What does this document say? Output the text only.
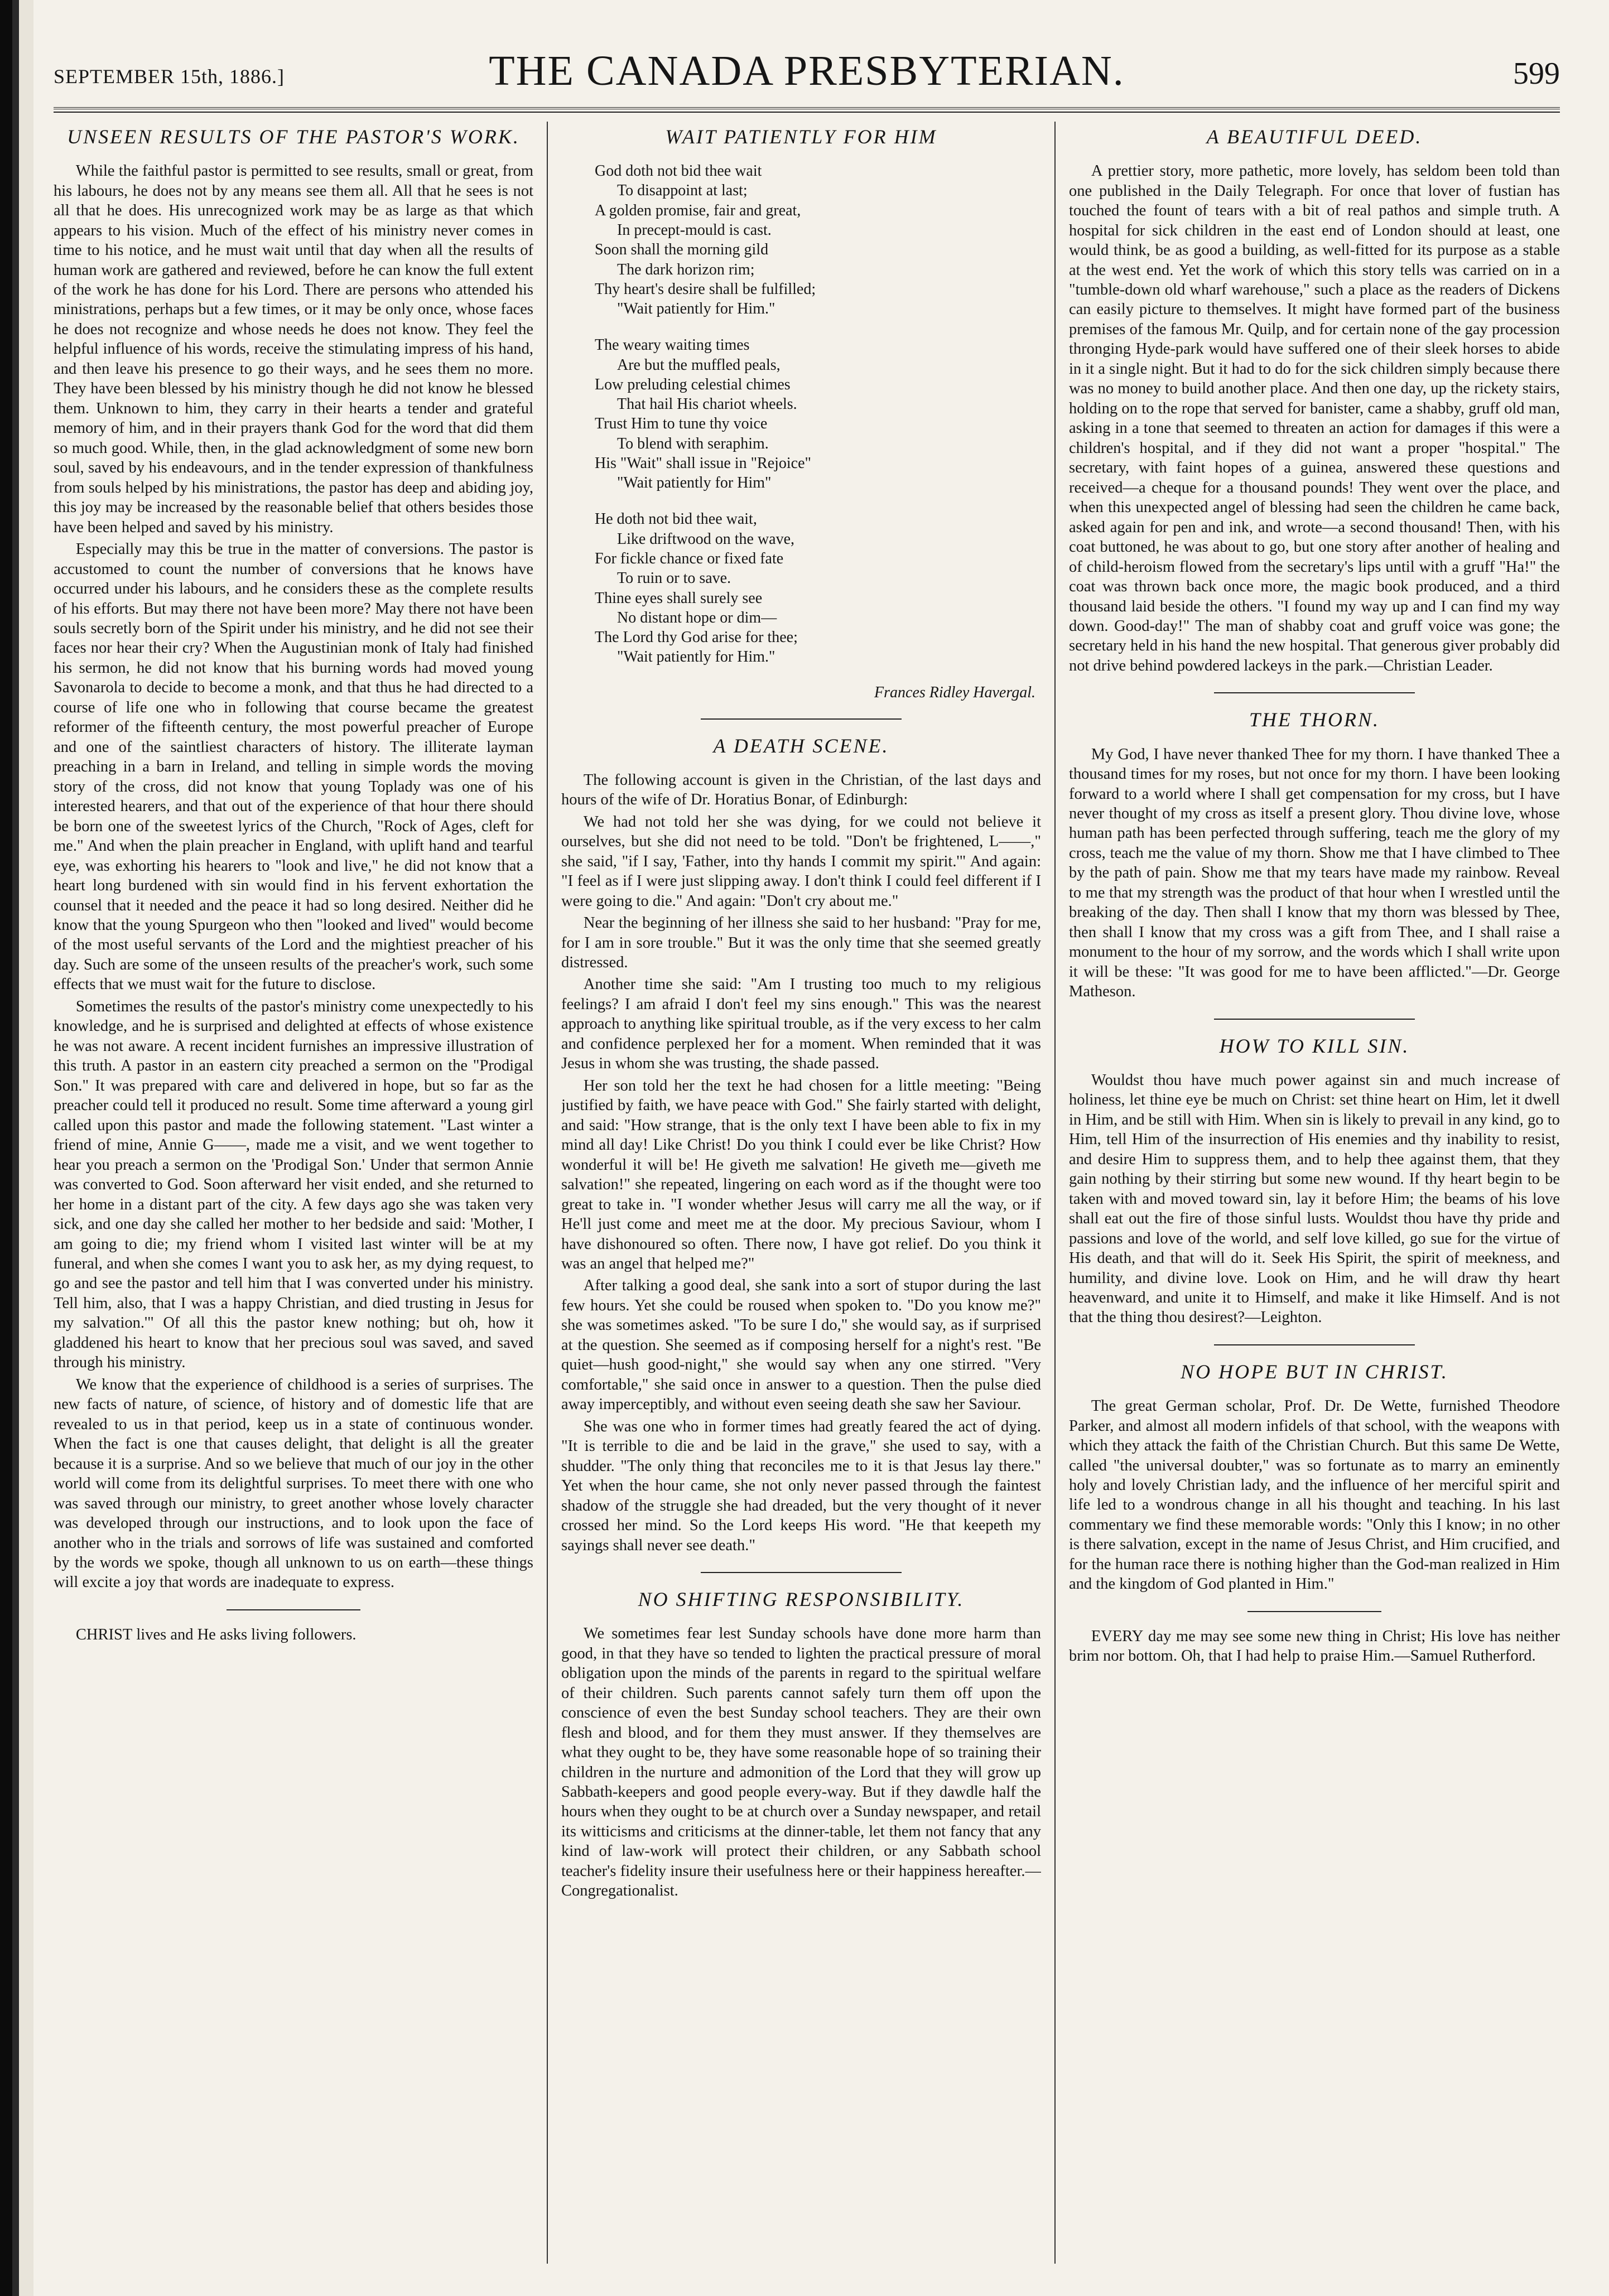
SEPTEMBER 15th, 1886.]	THE CANADA PRESBYTERIAN.	599
UNSEEN RESULTS OF THE PASTOR'S WORK.

While the faithful pastor is permitted to see results, small or great, from his labours, he does not by any means see them all. All that he sees is not all that he does. His unrecognized work may be as large as that which appears to his vision. Much of the effect of his ministry never comes in time to his notice, and he must wait until that day when all the results of human work are gathered and reviewed, before he can know the full extent of the work he has done for his Lord. There are persons who attended his ministrations, perhaps but a few times, or it may be only once, whose faces he does not recognize and whose needs he does not know. They feel the helpful influence of his words, receive the stimulating impress of his hand, and then leave his presence to go their ways, and he sees them no more. They have been blessed by his ministry though he did not know he blessed them. Unknown to him, they carry in their hearts a tender and grateful memory of him, and in their prayers thank God for the word that did them so much good. While, then, in the glad acknowledgment of some new born soul, saved by his endeavours, and in the tender expression of thankfulness from souls helped by his ministrations, the pastor has deep and abiding joy, this joy may be increased by the reasonable belief that others besides those have been helped and saved by his ministry.

Especially may this be true in the matter of conversions. The pastor is accustomed to count the number of conversions that he knows have occurred under his labours, and he considers these as the complete results of his efforts. But may there not have been more? May there not have been souls secretly born of the Spirit under his ministry, and he did not see their faces nor hear their cry? When the Augustinian monk of Italy had finished his sermon, he did not know that his burning words had moved young Savonarola to decide to become a monk, and that thus he had directed to a course of life one who in following that course became the greatest reformer of the fifteenth century, the most powerful preacher of Europe and one of the saintliest characters of history. The illiterate layman preaching in a barn in Ireland, and telling in simple words the moving story of the cross, did not know that young Toplady was one of his interested hearers, and that out of the experience of that hour there should be born one of the sweetest lyrics of the Church, "Rock of Ages, cleft for me." And when the plain preacher in England, with uplift hand and tearful eye, was exhorting his hearers to "look and live," he did not know that a heart long burdened with sin would find in his fervent exhortation the counsel that it needed and the peace it had so long desired. Neither did he know that the young Spurgeon who then "looked and lived" would become of the most useful servants of the Lord and the mightiest preacher of his day. Such are some of the unseen results of the preacher's work, such some effects that we must wait for the future to disclose.

Sometimes the results of the pastor's ministry come unexpectedly to his knowledge, and he is surprised and delighted at effects of whose existence he was not aware. A recent incident furnishes an impressive illustration of this truth. A pastor in an eastern city preached a sermon on the "Prodigal Son." It was prepared with care and delivered in hope, but so far as the preacher could tell it produced no result. Some time afterward a young girl called upon this pastor and made the following statement. "Last winter a friend of mine, Annie G——, made me a visit, and we went together to hear you preach a sermon on the 'Prodigal Son.' Under that sermon Annie was converted to God. Soon afterward her visit ended, and she returned to her home in a distant part of the city. A few days ago she was taken very sick, and one day she called her mother to her bedside and said: 'Mother, I am going to die; my friend whom I visited last winter will be at my funeral, and when she comes I want you to ask her, as my dying request, to go and see the pastor and tell him that I was converted under his ministry. Tell him, also, that I was a happy Christian, and died trusting in Jesus for my salvation.'" Of all this the pastor knew nothing; but oh, how it gladdened his heart to know that her precious soul was saved, and saved through his ministry.

We know that the experience of childhood is a series of surprises. The new facts of nature, of science, of history and of domestic life that are revealed to us in that period, keep us in a state of continuous wonder. When the fact is one that causes delight, that delight is all the greater because it is a surprise. And so we believe that much of our joy in the other world will come from its delightful surprises. To meet there with one who was saved through our ministry, to greet another whose lovely character was developed through our instructions, and to look upon the face of another who in the trials and sorrows of life was sustained and comforted by the words we spoke, though all unknown to us on earth—these things will excite a joy that words are inadequate to express.

CHRIST lives and He asks living followers.

WAIT PATIENTLY FOR HIM
God doth not bid thee wait
To disappoint at last;
A golden promise, fair and great,
In precept-mould is cast.
Soon shall the morning gild
The dark horizon rim;
Thy heart's desire shall be fulfilled;
"Wait patiently for Him."
The weary waiting times
Are but the muffled peals,
Low preluding celestial chimes
That hail His chariot wheels.
Trust Him to tune thy voice
To blend with seraphim.
His "Wait" shall issue in "Rejoice"
"Wait patiently for Him"
He doth not bid thee wait,
Like driftwood on the wave,
For fickle chance or fixed fate
To ruin or to save.
Thine eyes shall surely see
No distant hope or dim—
The Lord thy God arise for thee;
"Wait patiently for Him."
Frances Ridley Havergal.
A DEATH SCENE.

The following account is given in the Christian, of the last days and hours of the wife of Dr. Horatius Bonar, of Edinburgh:

We had not told her she was dying, for we could not believe it ourselves, but she did not need to be told. "Don't be frightened, L——," she said, "if I say, 'Father, into thy hands I commit my spirit.'" And again: "I feel as if I were just slipping away. I don't think I could feel different if I were going to die." And again: "Don't cry about me."

Near the beginning of her illness she said to her husband: "Pray for me, for I am in sore trouble." But it was the only time that she seemed greatly distressed.

Another time she said: "Am I trusting too much to my religious feelings? I am afraid I don't feel my sins enough." This was the nearest approach to anything like spiritual trouble, as if the very excess to her calm and confidence perplexed her for a moment. When reminded that it was Jesus in whom she was trusting, the shade passed.

Her son told her the text he had chosen for a little meeting: "Being justified by faith, we have peace with God." She fairly started with delight, and said: "How strange, that is the only text I have been able to fix in my mind all day! Like Christ! Do you think I could ever be like Christ? How wonderful it will be! He giveth me salvation! He giveth me—giveth me salvation!" she repeated, lingering on each word as if the thought were too great to take in. "I wonder whether Jesus will carry me all the way, or if He'll just come and meet me at the door. My precious Saviour, whom I have dishonoured so often. There now, I have got relief. Do you think it was an angel that helped me?"

After talking a good deal, she sank into a sort of stupor during the last few hours. Yet she could be roused when spoken to. "Do you know me?" she was sometimes asked. "To be sure I do," she would say, as if surprised at the question. She seemed as if composing herself for a night's rest. "Be quiet—hush good-night," she would say when any one stirred. "Very comfortable," she said once in answer to a question. Then the pulse died away imperceptibly, and without even seeing death she saw her Saviour.

She was one who in former times had greatly feared the act of dying. "It is terrible to die and be laid in the grave," she used to say, with a shudder. "The only thing that reconciles me to it is that Jesus lay there." Yet when the hour came, she not only never passed through the faintest shadow of the struggle she had dreaded, but the very thought of it never crossed her mind. So the Lord keeps His word. "He that keepeth my sayings shall never see death."

NO SHIFTING RESPONSIBILITY.

We sometimes fear lest Sunday schools have done more harm than good, in that they have so tended to lighten the practical pressure of moral obligation upon the minds of the parents in regard to the spiritual welfare of their children. Such parents cannot safely turn them off upon the conscience of even the best Sunday school teachers. They are their own flesh and blood, and for them they must answer. If they themselves are what they ought to be, they have some reasonable hope of so training their children in the nurture and admonition of the Lord that they will grow up Sabbath-keepers and good people every-way. But if they dawdle half the hours when they ought to be at church over a Sunday newspaper, and retail its witticisms and criticisms at the dinner-table, let them not fancy that any kind of law-work will protect their children, or any Sabbath school teacher's fidelity insure their usefulness here or their happiness hereafter.—Congregationalist.

A BEAUTIFUL DEED.

A prettier story, more pathetic, more lovely, has seldom been told than one published in the Daily Telegraph. For once that lover of fustian has touched the fount of tears with a bit of real pathos and simple truth. A hospital for sick children in the east end of London should at least, one would think, be as good a building, as well-fitted for its purpose as a stable at the west end. Yet the work of which this story tells was carried on in a "tumble-down old wharf warehouse," such a place as the readers of Dickens can easily picture to themselves. It might have formed part of the business premises of the famous Mr. Quilp, and for certain none of the gay procession thronging Hyde-park would have suffered one of their sleek horses to abide in it a single night. But it had to do for the sick children simply because there was no money to build another place. And then one day, up the rickety stairs, holding on to the rope that served for banister, came a shabby, gruff old man, asking in a tone that seemed to threaten an action for damages if this were a children's hospital, and if they did not want a proper "hospital." The secretary, with faint hopes of a guinea, answered these questions and received—a cheque for a thousand pounds! They went over the place, and when this unexpected angel of blessing had seen the children he came back, asked again for pen and ink, and wrote—a second thousand! Then, with his coat buttoned, he was about to go, but one story after another of healing and of child-heroism flowed from the secretary's lips until with a gruff "Ha!" the coat was thrown back once more, the magic book produced, and a third thousand laid beside the others. "I found my way up and I can find my way down. Good-day!" The man of shabby coat and gruff voice was gone; the secretary held in his hand the new hospital. That generous giver probably did not drive behind powdered lackeys in the park.—Christian Leader.

THE THORN.

My God, I have never thanked Thee for my thorn. I have thanked Thee a thousand times for my roses, but not once for my thorn. I have been looking forward to a world where I shall get compensation for my cross, but I have never thought of my cross as itself a present glory. Thou divine love, whose human path has been perfected through suffering, teach me the glory of my cross, teach me the value of my thorn. Show me that I have climbed to Thee by the path of pain. Show me that my tears have made my rainbow. Reveal to me that my strength was the product of that hour when I wrestled until the breaking of the day. Then shall I know that my thorn was blessed by Thee, then shall I know that my cross was a gift from Thee, and I shall raise a monument to the hour of my sorrow, and the words which I shall write upon it will be these: "It was good for me to have been afflicted."—Dr. George Matheson.

HOW TO KILL SIN.

Wouldst thou have much power against sin and much increase of holiness, let thine eye be much on Christ: set thine heart on Him, let it dwell in Him, and be still with Him. When sin is likely to prevail in any kind, go to Him, tell Him of the insurrection of His enemies and thy inability to resist, and desire Him to suppress them, and to help thee against them, that they gain nothing by their stirring but some new wound. If thy heart begin to be taken with and moved toward sin, lay it before Him; the beams of his love shall eat out the fire of those sinful lusts. Wouldst thou have thy pride and passions and love of the world, and self love killed, go sue for the virtue of His death, and that will do it. Seek His Spirit, the spirit of meekness, and humility, and divine love. Look on Him, and he will draw thy heart heavenward, and unite it to Himself, and make it like Himself. And is not that the thing thou desirest?—Leighton.

NO HOPE BUT IN CHRIST.

The great German scholar, Prof. Dr. De Wette, furnished Theodore Parker, and almost all modern infidels of that school, with the weapons with which they attack the faith of the Christian Church. But this same De Wette, called "the universal doubter," was so fortunate as to marry an eminently holy and lovely Christian lady, and the influence of her merciful spirit and life led to a wondrous change in all his thought and teaching. In his last commentary we find these memorable words: "Only this I know; in no other is there salvation, except in the name of Jesus Christ, and Him crucified, and for the human race there is nothing higher than the God-man realized in Him and the kingdom of God planted in Him."

EVERY day me may see some new thing in Christ; His love has neither brim nor bottom. Oh, that I had help to praise Him.—Samuel Rutherford.
